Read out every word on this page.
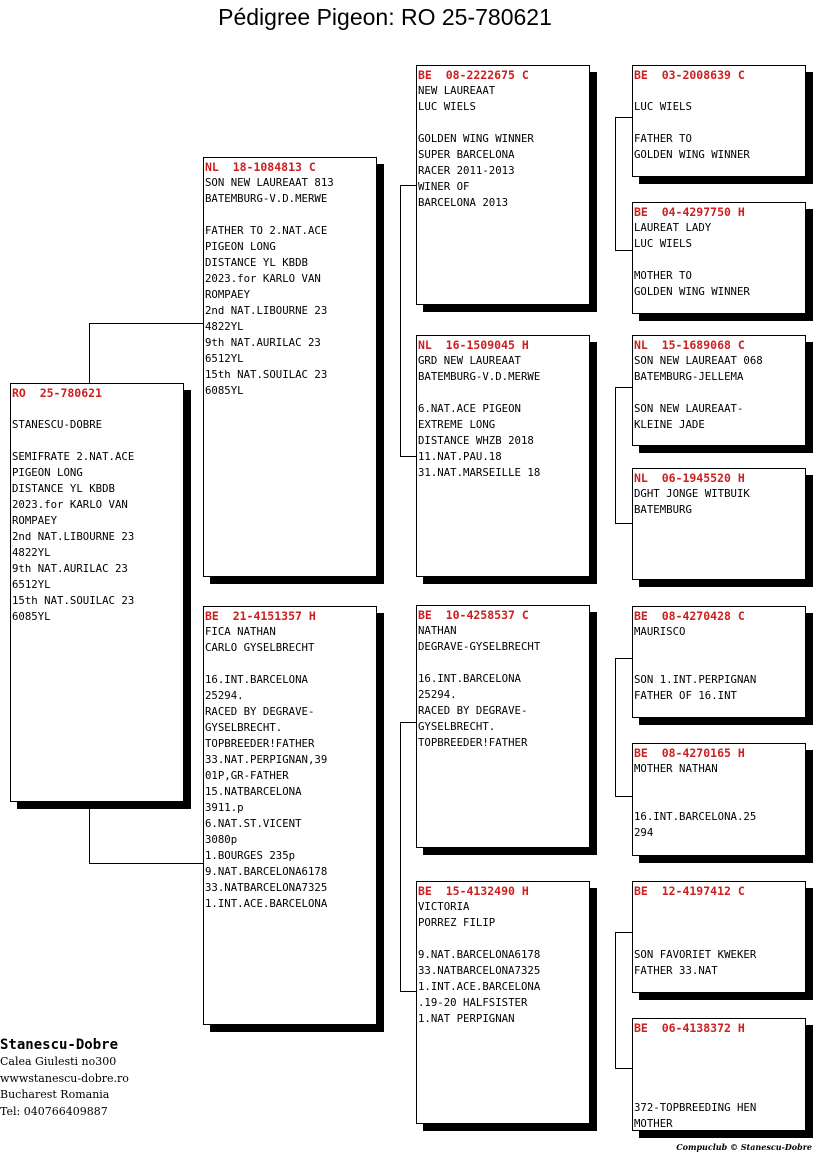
Pédigree Pigeon: RO 25-780621
RO  25-780621

STANESCU-DOBRE

SEMIFRATE 2.NAT.ACE
PIGEON LONG
DISTANCE YL KBDB
2023.for KARLO VAN
ROMPAEY
2nd NAT.LIBOURNE 23
4822YL
9th NAT.AURILAC 23
6512YL
15th NAT.SOUILAC 23
6085YL
NL  18-1084813 C
SON NEW LAUREAAT 813
BATEMBURG-V.D.MERWE

FATHER TO 2.NAT.ACE
PIGEON LONG
DISTANCE YL KBDB
2023.for KARLO VAN
ROMPAEY
2nd NAT.LIBOURNE 23
4822YL
9th NAT.AURILAC 23
6512YL
15th NAT.SOUILAC 23
6085YL
BE  21-4151357 H
FICA NATHAN
CARLO GYSELBRECHT

16.INT.BARCELONA
25294.
RACED BY DEGRAVE-
GYSELBRECHT.
TOPBREEDER!FATHER
33.NAT.PERPIGNAN,39
01P,GR-FATHER
15.NATBARCELONA
3911.p
6.NAT.ST.VICENT
3080p
1.BOURGES 235p
9.NAT.BARCELONA6178
33.NATBARCELONA7325
1.INT.ACE.BARCELONA
BE  08-2222675 C
NEW LAUREAAT
LUC WIELS

GOLDEN WING WINNER
SUPER BARCELONA
RACER 2011-2013
WINER OF
BARCELONA 2013
NL  16-1509045 H
GRD NEW LAUREAAT
BATEMBURG-V.D.MERWE

6.NAT.ACE PIGEON
EXTREME LONG
DISTANCE WHZB 2018
11.NAT.PAU.18
31.NAT.MARSEILLE 18
BE  10-4258537 C
NATHAN
DEGRAVE-GYSELBRECHT

16.INT.BARCELONA
25294.
RACED BY DEGRAVE-
GYSELBRECHT.
TOPBREEDER!FATHER
BE  15-4132490 H
VICTORIA
PORREZ FILIP

9.NAT.BARCELONA6178
33.NATBARCELONA7325
1.INT.ACE.BARCELONA
.19-20 HALFSISTER
1.NAT PERPIGNAN
BE  03-2008639 C

LUC WIELS

FATHER TO
GOLDEN WING WINNER
BE  04-4297750 H
LAUREAT LADY
LUC WIELS

MOTHER TO
GOLDEN WING WINNER
NL  15-1689068 C
SON NEW LAUREAAT 068
BATEMBURG-JELLEMA

SON NEW LAUREAAT-
KLEINE JADE
NL  06-1945520 H
DGHT JONGE WITBUIK
BATEMBURG
BE  08-4270428 C
MAURISCO

SON 1.INT.PERPIGNAN
FATHER OF 16.INT
BE  08-4270165 H
MOTHER NATHAN

16.INT.BARCELONA.25
294
BE  12-4197412 C

SON FAVORIET KWEKER
FATHER 33.NAT
BE  06-4138372 H

372-TOPBREEDING HEN
MOTHER
Stanescu-Dobre
Calea Giulesti no300
wwwstanescu-dobre.ro
Bucharest Romania
Tel: 040766409887
Compuclub © Stanescu-Dobre
